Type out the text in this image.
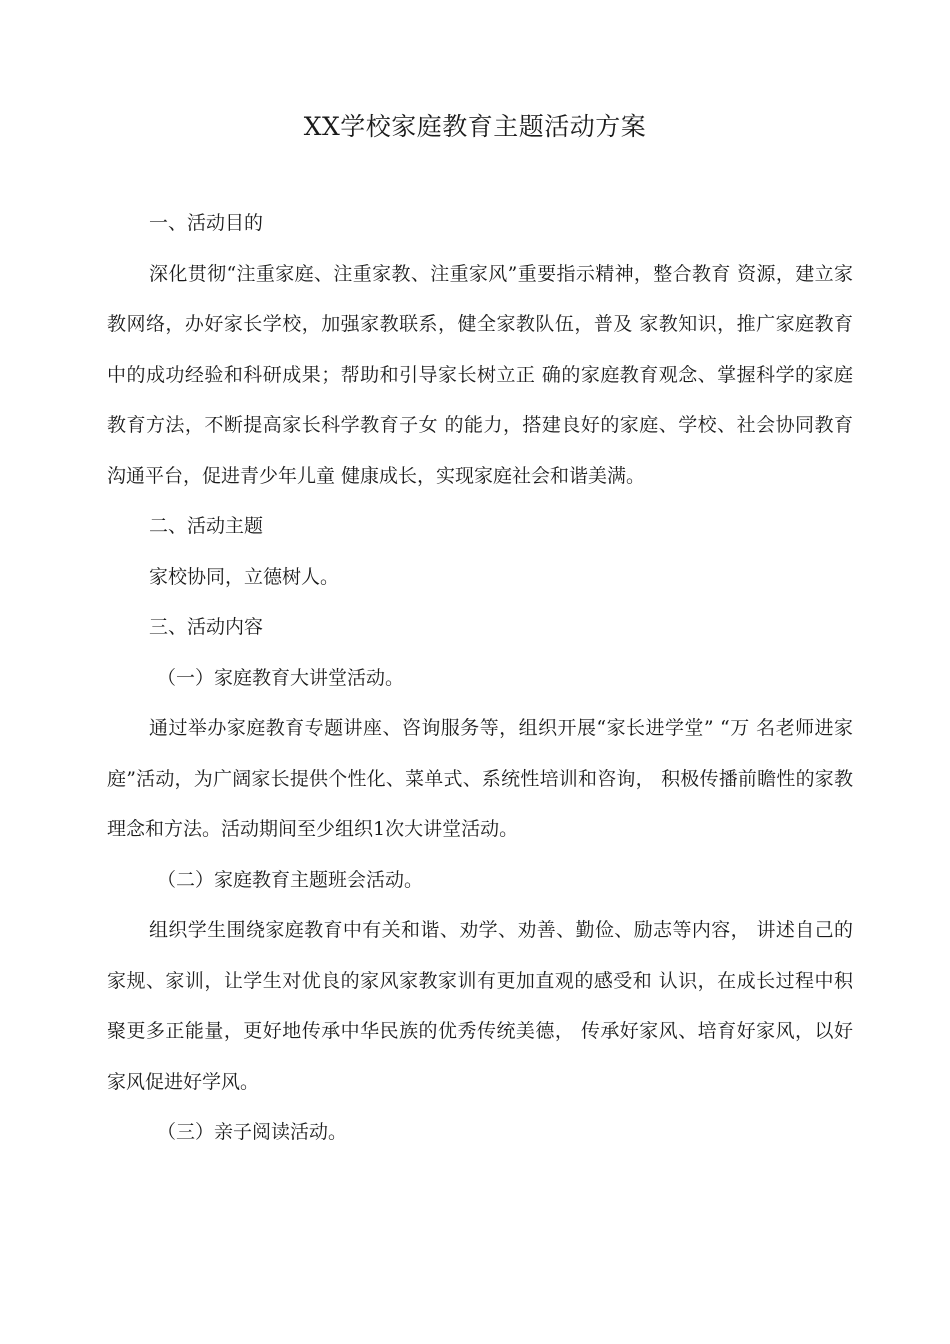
XX学校家庭教育主题活动方案

一、活动目的

深化贯彻“注重家庭、注重家教、注重家风”重要指示精神，整合教育 资源，建立家教网络，办好家长学校，加强家教联系，健全家教队伍，普及 家教知识，推广家庭教育中的成功经验和科研成果；帮助和引导家长树立正 确的家庭教育观念、掌握科学的家庭教育方法，不断提高家长科学教育子女 的能力，搭建良好的家庭、学校、社会协同教育沟通平台，促进青少年儿童 健康成长，实现家庭社会和谐美满。

二、活动主题

家校协同，立德树人。

三、活动内容

（一）家庭教育大讲堂活动。

通过举办家庭教育专题讲座、咨询服务等，组织开展“家长进学堂” “万 名老师进家庭”活动，为广阔家长提供个性化、菜单式、系统性培训和咨询， 积极传播前瞻性的家教理念和方法。活动期间至少组织1次大讲堂活动。

（二）家庭教育主题班会活动。

组织学生围绕家庭教育中有关和谐、劝学、劝善、勤俭、励志等内容， 讲述自己的家规、家训，让学生对优良的家风家教家训有更加直观的感受和 认识，在成长过程中积聚更多正能量，更好地传承中华民族的优秀传统美德， 传承好家风、培育好家风，以好家风促进好学风。

（三）亲子阅读活动。
